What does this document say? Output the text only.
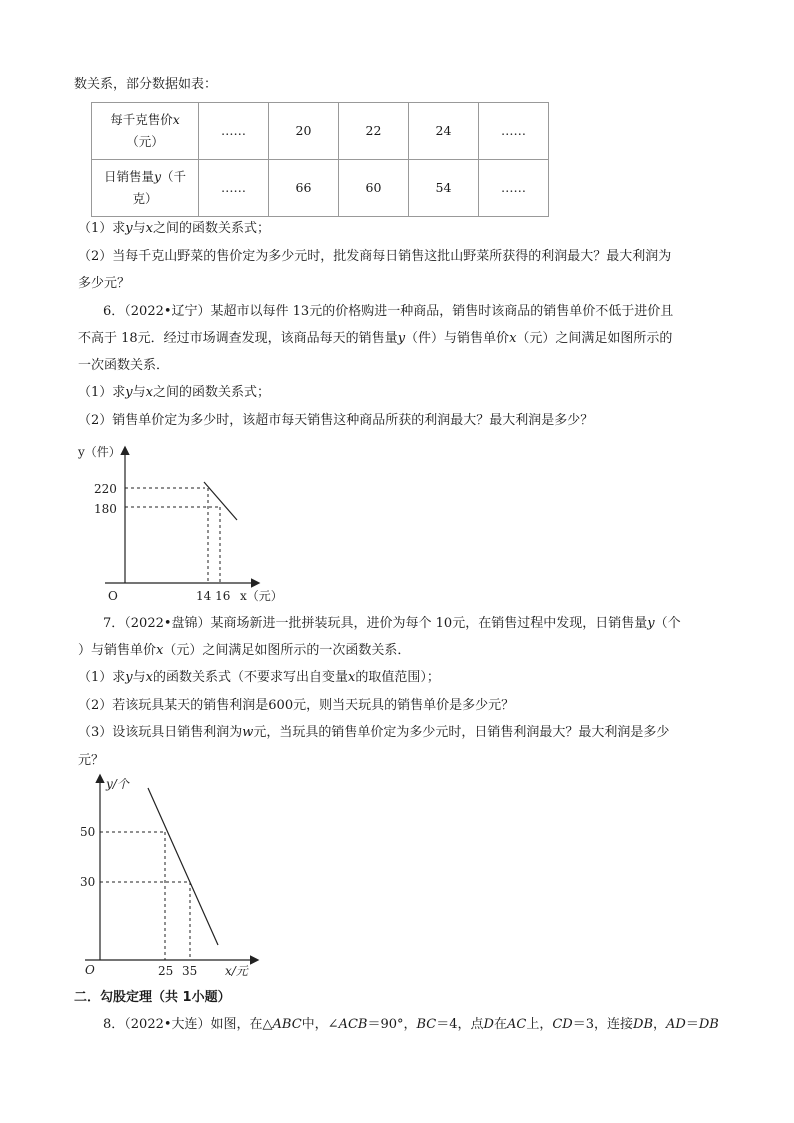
数关系，部分数据如表：
每千克售价x
（元）	……	20	22	24	……
日销售量y（千
克）	……	66	60	54	……
（1）求y与x之间的函数关系式；
（2）当每千克山野菜的售价定为多少元时，批发商每日销售这批山野菜所获得的利润最大？最大利润为
多少元？
6．（2022•辽宁）某超市以每件 13元的价格购进一种商品，销售时该商品的销售单价不低于进价且
不高于 18元．经过市场调查发现，该商品每天的销售量y（件）与销售单价x（元）之间满足如图所示的
一次函数关系．
（1）求y与x之间的函数关系式；
（2）销售单价定为多少时，该超市每天销售这种商品所获的利润最大？最大利润是多少？
y（件）
x（元）
O
220
180
14 16
7．（2022•盘锦）某商场新进一批拼装玩具，进价为每个 10元，在销售过程中发现，日销售量y（个
）与销售单价x（元）之间满足如图所示的一次函数关系．
（1）求y与x的函数关系式（不要求写出自变量x的取值范围）；
（2）若该玩具某天的销售利润是600元，则当天玩具的销售单价是多少元？
（3）设该玩具日销售利润为w元，当玩具的销售单价定为多少元时，日销售利润最大？最大利润是多少
元？
y/个
x/元
O
50
30
25 35
二．勾股定理（共 1小题）
8．（2022•大连）如图，在△ABC中，∠ACB＝90°，BC＝4，点D在AC上，CD＝3，连接DB，AD＝DB
